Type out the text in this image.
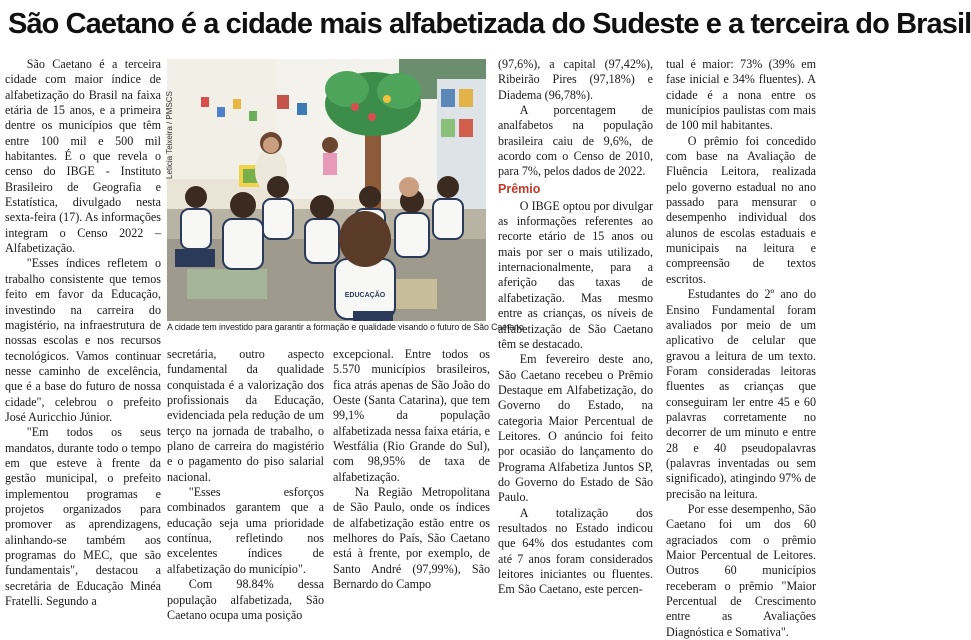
São Caetano é a cidade mais alfabetizada do Sudeste e a terceira do Brasil

São Caetano é a terceira cidade com maior índice de alfabetização do Brasil na faixa etária de 15 anos, e a primeira dentre os municípios que têm entre 100 mil e 500 mil habitantes. É o que revela o censo do IBGE - Instituto Brasileiro de Geografia e Estatística, divulgado nesta sexta-feira (17). As informações integram o Censo 2022 – Alfabetização.

"Esses índices refletem o trabalho consistente que temos feito em favor da Educação, investindo na carreira do magistério, na infraestrutura de nossas escolas e nos recursos tecnológicos. Vamos continuar nesse caminho de excelência, que é a base do futuro de nossa cidade", celebrou o prefeito José Auricchio Júnior.

"Em todos os seus mandatos, durante todo o tempo em que esteve à frente da gestão municipal, o prefeito implementou programas e projetos organizados para promover as aprendizagens, alinhando-se também aos programas do MEC, que são fundamentais", destacou a secretária de Educação Minéa Fratelli. Segundo a

EDUCAÇÃO
Leticia Teixeira / PMSCS
A cidade tem investido para garantir a formação e qualidade visando o futuro de São Caetano

secretária, outro aspecto fundamental da qualidade conquistada é a valorização dos profissionais da Educação, evidenciada pela redução de um terço na jornada de trabalho, o plano de carreira do magistério e o pagamento do piso salarial nacional.

"Esses esforços combinados garantem que a educação seja uma prioridade contínua, refletindo nos excelentes índices de alfabetização do município".

Com 98.84% dessa população alfabetizada, São Caetano ocupa uma posição

excepcional. Entre todos os 5.570 municípios brasileiros, fica atrás apenas de São João do Oeste (Santa Catarina), que tem 99,1% da população alfabetizada nessa faixa etária, e Westfália (Rio Grande do Sul), com 98,95% de taxa de alfabetização.

Na Região Metropolitana de São Paulo, onde os índices de alfabetização estão entre os melhores do País, São Caetano está à frente, por exemplo, de Santo André (97,99%), São Bernardo do Campo

(97,6%), a capital (97,42%), Ribeirão Pires (97,18%) e Diadema (96,78%).

A porcentagem de analfabetos na população brasileira caiu de 9,6%, de acordo com o Censo de 2010, para 7%, pelos dados de 2022.

Prêmio

O IBGE optou por divulgar as informações referentes ao recorte etário de 15 anos ou mais por ser o mais utilizado, internacionalmente, para a aferição das taxas de alfabetização. Mas mesmo entre as crianças, os níveis de alfabetização de São Caetano têm se destacado.

Em fevereiro deste ano, São Caetano recebeu o Prêmio Destaque em Alfabetização, do Governo do Estado, na categoria Maior Percentual de Leitores. O anúncio foi feito por ocasião do lançamento do Programa Alfabetiza Juntos SP, do Governo do Estado de São Paulo.

A totalização dos resultados no Estado indicou que 64% dos estudantes com até 7 anos foram considerados leitores iniciantes ou fluentes. Em São Caetano, este percen-

tual é maior: 73% (39% em fase inicial e 34% fluentes). A cidade é a nona entre os municípios paulistas com mais de 100 mil habitantes.

O prêmio foi concedido com base na Avaliação de Fluência Leitora, realizada pelo governo estadual no ano passado para mensurar o desempenho individual dos alunos de escolas estaduais e municipais na leitura e compreensão de textos escritos.

Estudantes do 2º ano do Ensino Fundamental foram avaliados por meio de um aplicativo de celular que gravou a leitura de um texto. Foram consideradas leitoras fluentes as crianças que conseguiram ler entre 45 e 60 palavras corretamente no decorrer de um minuto e entre 28 e 40 pseudopalavras (palavras inventadas ou sem significado), atingindo 97% de precisão na leitura.

Por esse desempenho, São Caetano foi um dos 60 agraciados com o prêmio Maior Percentual de Leitores. Outros 60 municípios receberam o prêmio "Maior Percentual de Crescimento entre as Avaliações Diagnóstica e Somativa".
